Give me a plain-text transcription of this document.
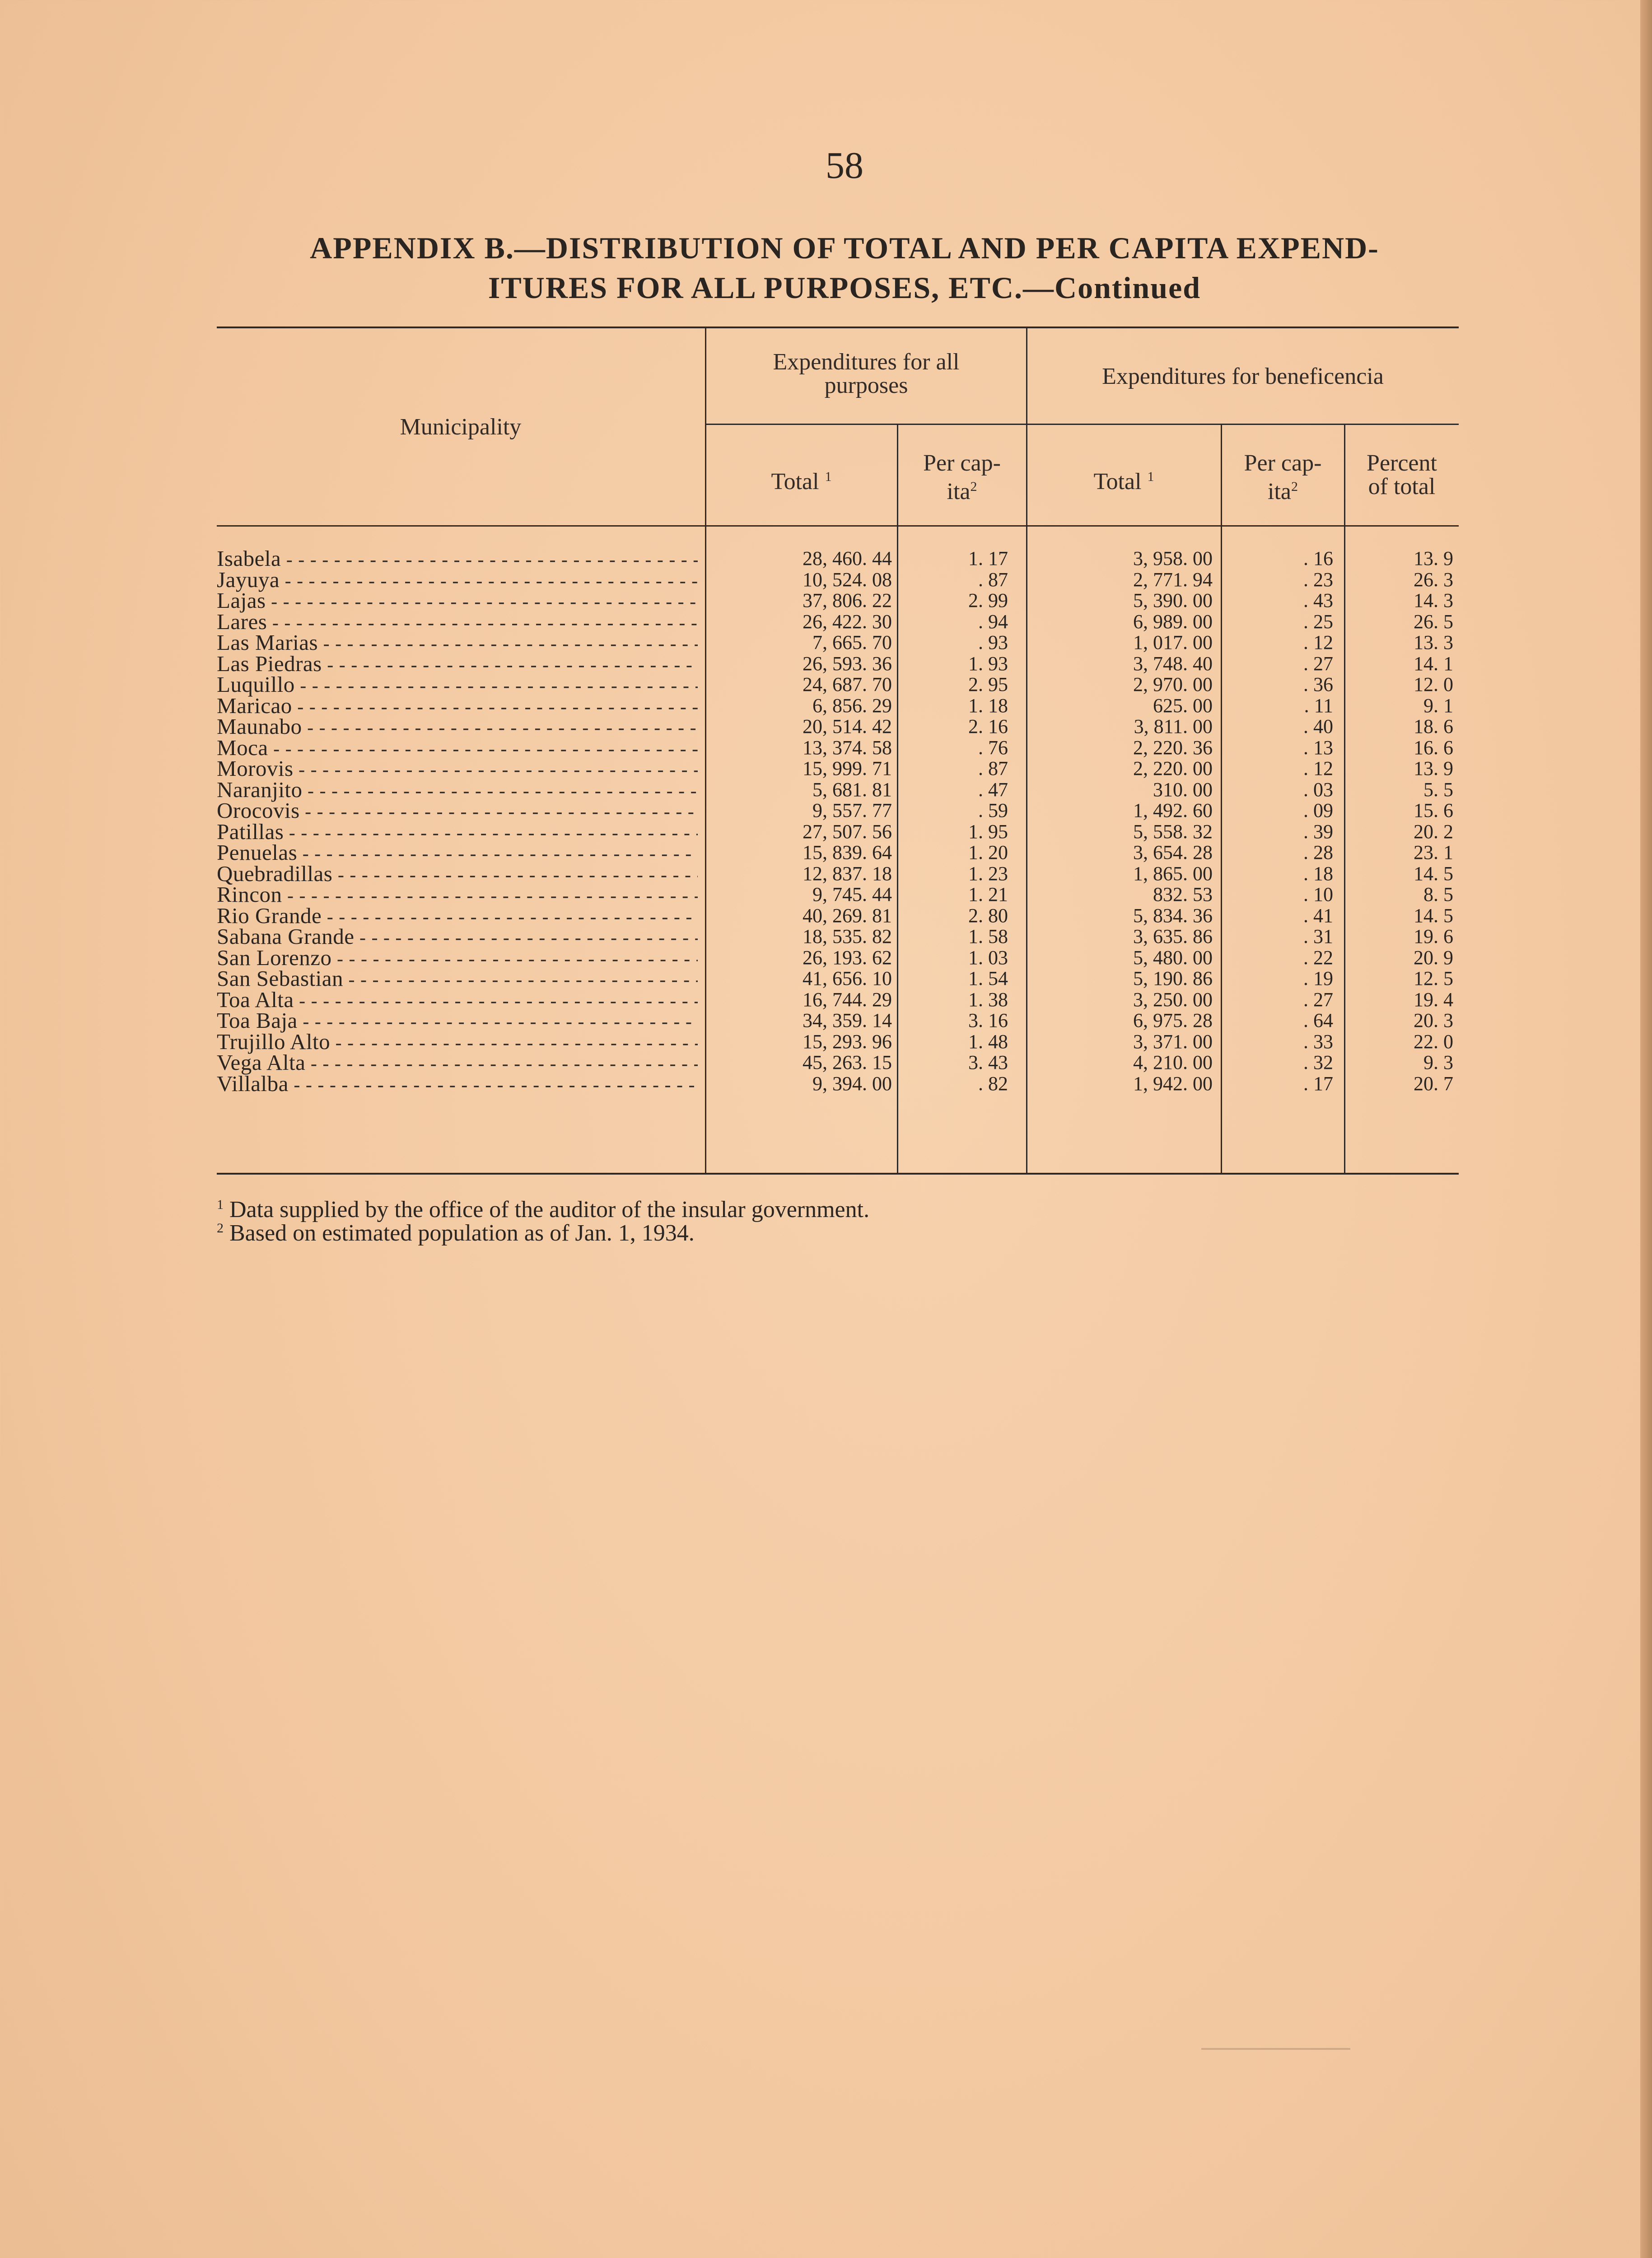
58
APPENDIX B.—DISTRIBUTION OF TOTAL AND PER CAPITA EXPEND-
ITURES FOR ALL PURPOSES, ETC.—Continued
Municipality
Expenditures for all
purposes	Expenditures for beneficencia
Total $^1$
Per cap-
ita$^2$	Total $^1$
Per cap-
ita$^2$
Percent
of total
Isabela - - -	28, 460. 44	1. 17	3, 958. 00	. 16	13. 9
Jayuya - - -	10, 524. 08	. 87	2, 771. 94	. 23	26. 3
Lajas - - -	37, 806. 22	2. 99	5, 390. 00	. 43	14. 3
Lares - - -	26, 422. 30	. 94	6, 989. 00	. 25	26. 5
Las Marias - - -	7, 665. 70	. 93	1, 017. 00	. 12	13. 3
Las Piedras - - -	26, 593. 36	1. 93	3, 748. 40	. 27	14. 1
Luquillo - - -	24, 687. 70	2. 95	2, 970. 00	. 36	12. 0
Maricao - - -	6, 856. 29	1. 18	625. 00	. 11	9. 1
Maunabo - - -	20, 514. 42	2. 16	3, 811. 00	. 40	18. 6
Moca - - -	13, 374. 58	. 76	2, 220. 36	. 13	16. 6
Morovis - - -	15, 999. 71	. 87	2, 220. 00	. 12	13. 9
Naranjito - - -	5, 681. 81	. 47	310. 00	. 03	5. 5
Orocovis - - -	9, 557. 77	. 59	1, 492. 60	. 09	15. 6
Patillas - - -	27, 507. 56	1. 95	5, 558. 32	. 39	20. 2
Penuelas - - -	15, 839. 64	1. 20	3, 654. 28	. 28	23. 1
Quebradillas - - -	12, 837. 18	1. 23	1, 865. 00	. 18	14. 5
Rincon - - -	9, 745. 44	1. 21	832. 53	. 10	8. 5
Rio Grande - - -	40, 269. 81	2. 80	5, 834. 36	. 41	14. 5
Sabana Grande - - -	18, 535. 82	1. 58	3, 635. 86	. 31	19. 6
San Lorenzo - - -	26, 193. 62	1. 03	5, 480. 00	. 22	20. 9
San Sebastian - - -	41, 656. 10	1. 54	5, 190. 86	. 19	12. 5
Toa Alta - - -	16, 744. 29	1. 38	3, 250. 00	. 27	19. 4
Toa Baja - - -	34, 359. 14	3. 16	6, 975. 28	. 64	20. 3
Trujillo Alto - - -	15, 293. 96	1. 48	3, 371. 00	. 33	22. 0
Vega Alta - - -	45, 263. 15	3. 43	4, 210. 00	. 32	9. 3
Villalba - - -	9, 394. 00	. 82	1, 942. 00	. 17	20. 7
$^1$ Data supplied by the office of the auditor of the insular government.
$^2$ Based on estimated population as of Jan. 1, 1934.
